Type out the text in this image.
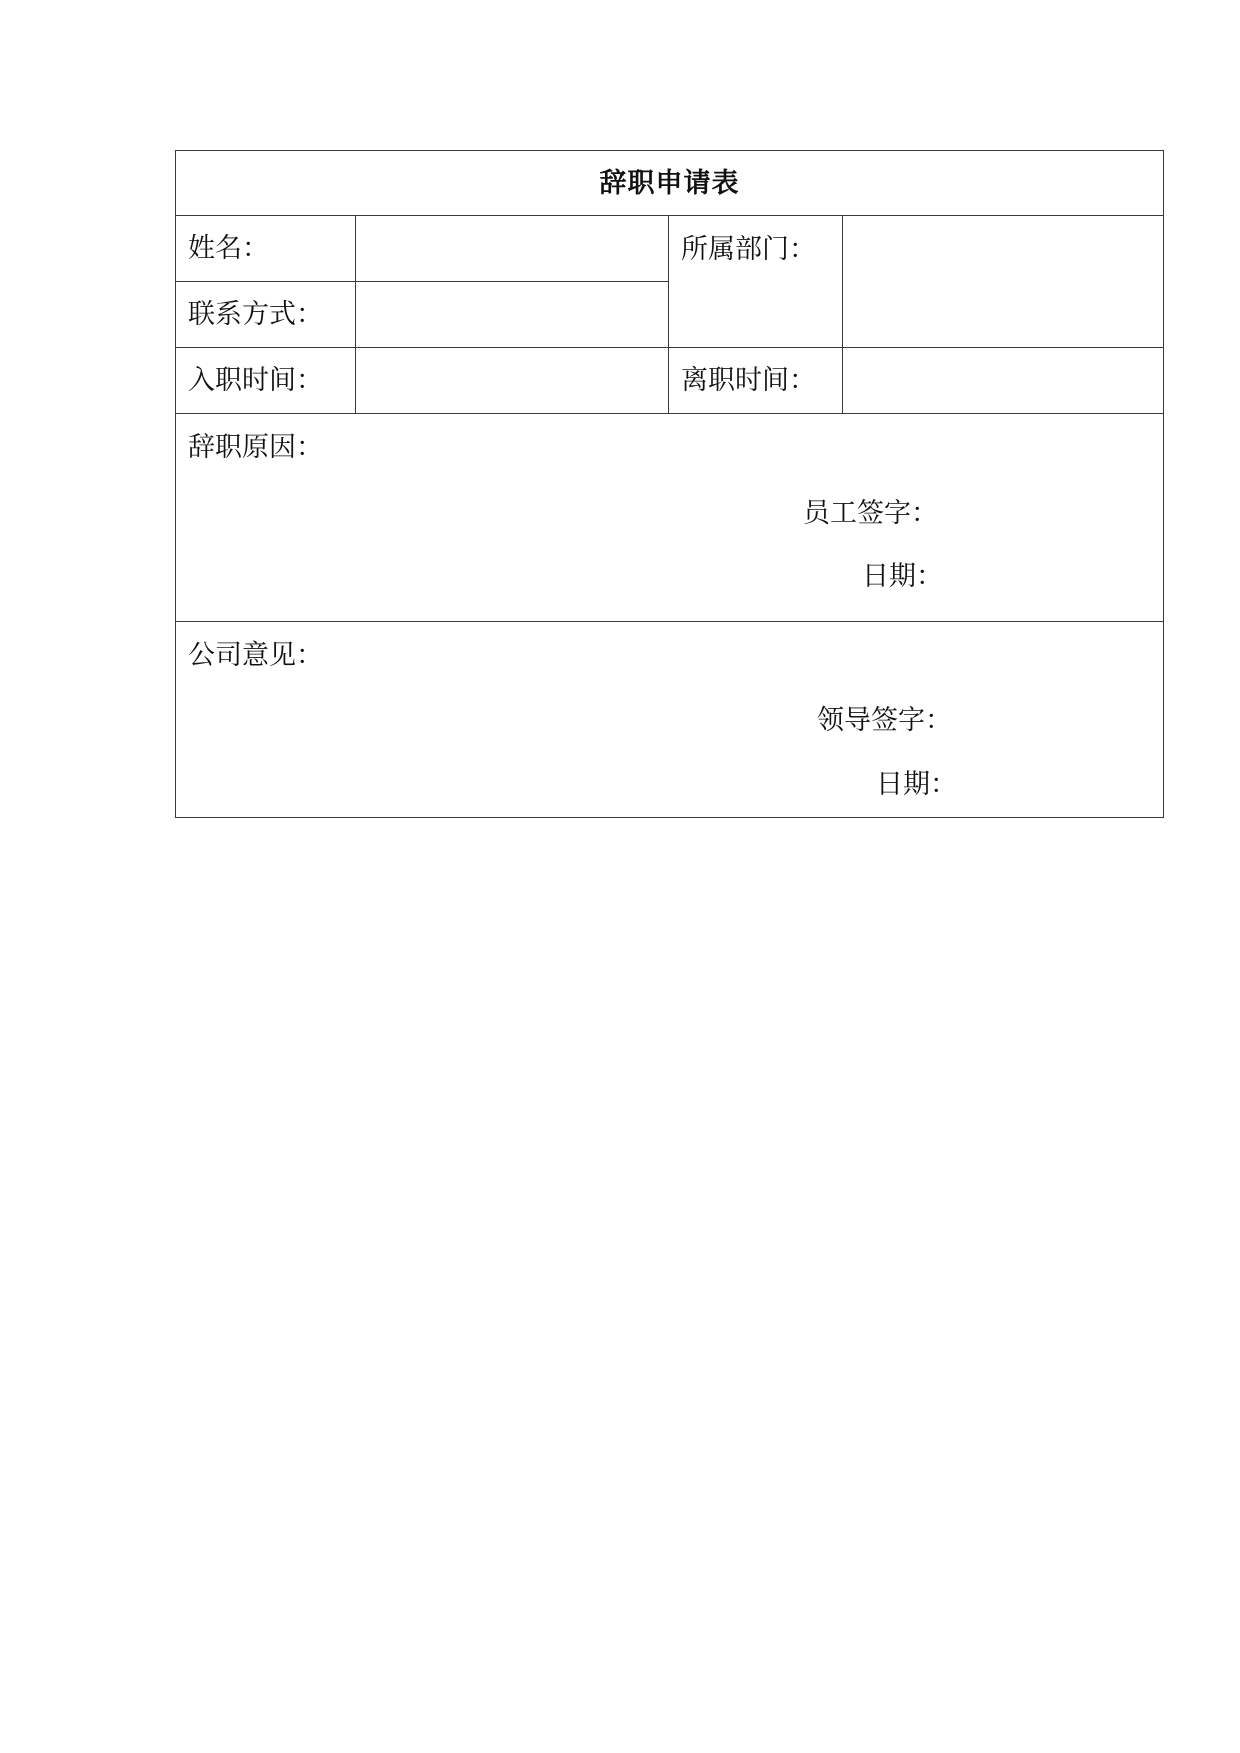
辞职申请表			
姓名：		所属部门：	
联系方式：			
入职时间：		离职时间：	

辞职原因：
员工签字：
日期：			

公司意见：
领导签字：
日期：			
